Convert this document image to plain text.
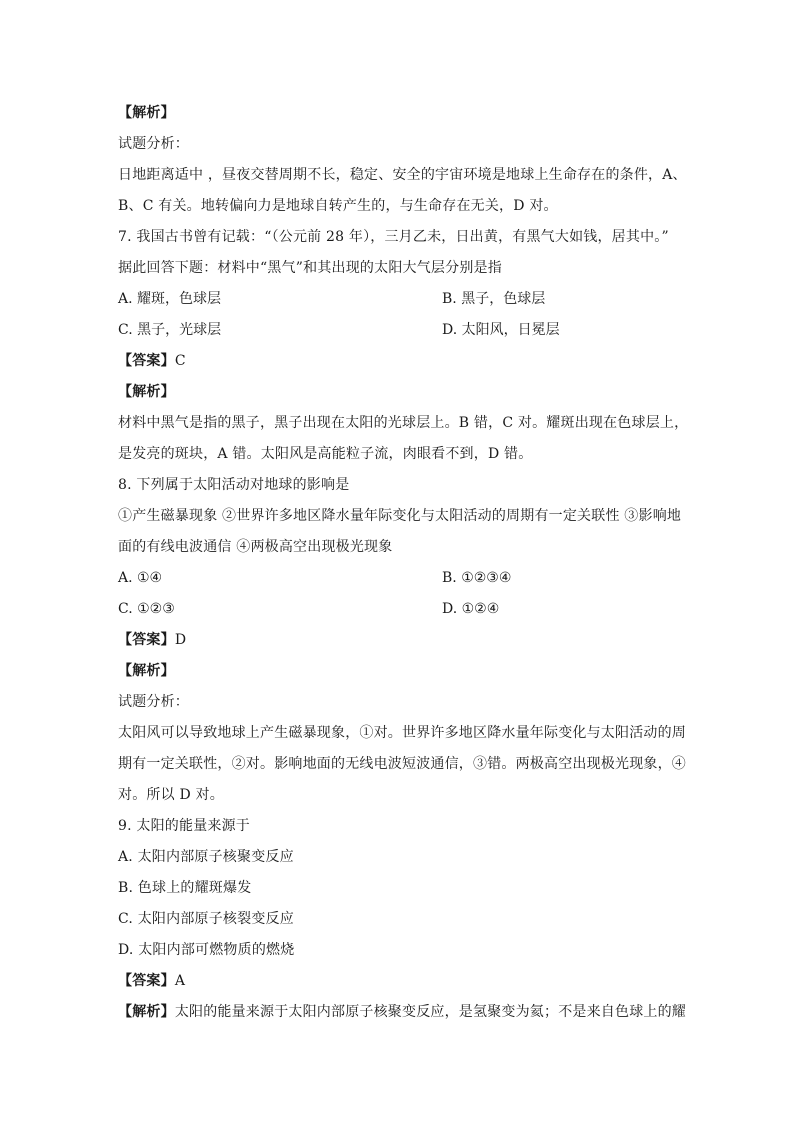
【解析】
试题分析：
日地距离适中 ，昼夜交替周期不长，稳定、安全的宇宙环境是地球上生命存在的条件，A、
B、C 有关。地转偏向力是地球自转产生的，与生命存在无关，D 对。
7. 我国古书曾有记载：“（公元前 28 年），三月乙未，日出黄，有黑气大如钱，居其中。”
据此回答下题：材料中“黑气”和其出现的太阳大气层分别是指
A. 耀斑，色球层	B. 黑子，色球层
C. 黑子，光球层	D. 太阳风，日冕层
【答案】C
【解析】
材料中黑气是指的黑子，黑子出现在太阳的光球层上。B 错，C 对。耀斑出现在色球层上，
是发亮的斑块，A 错。太阳风是高能粒子流，肉眼看不到，D 错。
8. 下列属于太阳活动对地球的影响是
①产生磁暴现象 ②世界许多地区降水量年际变化与太阳活动的周期有一定关联性 ③影响地
面的有线电波通信 ④两极高空出现极光现象
A. ①④	B. ①②③④
C. ①②③	D. ①②④
【答案】D
【解析】
试题分析：
太阳风可以导致地球上产生磁暴现象，①对。世界许多地区降水量年际变化与太阳活动的周
期有一定关联性，②对。影响地面的无线电波短波通信，③错。两极高空出现极光现象，④
对。所以 D 对。
9. 太阳的能量来源于
A. 太阳内部原子核聚变反应
B. 色球上的耀斑爆发
C. 太阳内部原子核裂变反应
D. 太阳内部可燃物质的燃烧
【答案】A
【解析】太阳的能量来源于太阳内部原子核聚变反应，是氢聚变为氦；不是来自色球上的耀
